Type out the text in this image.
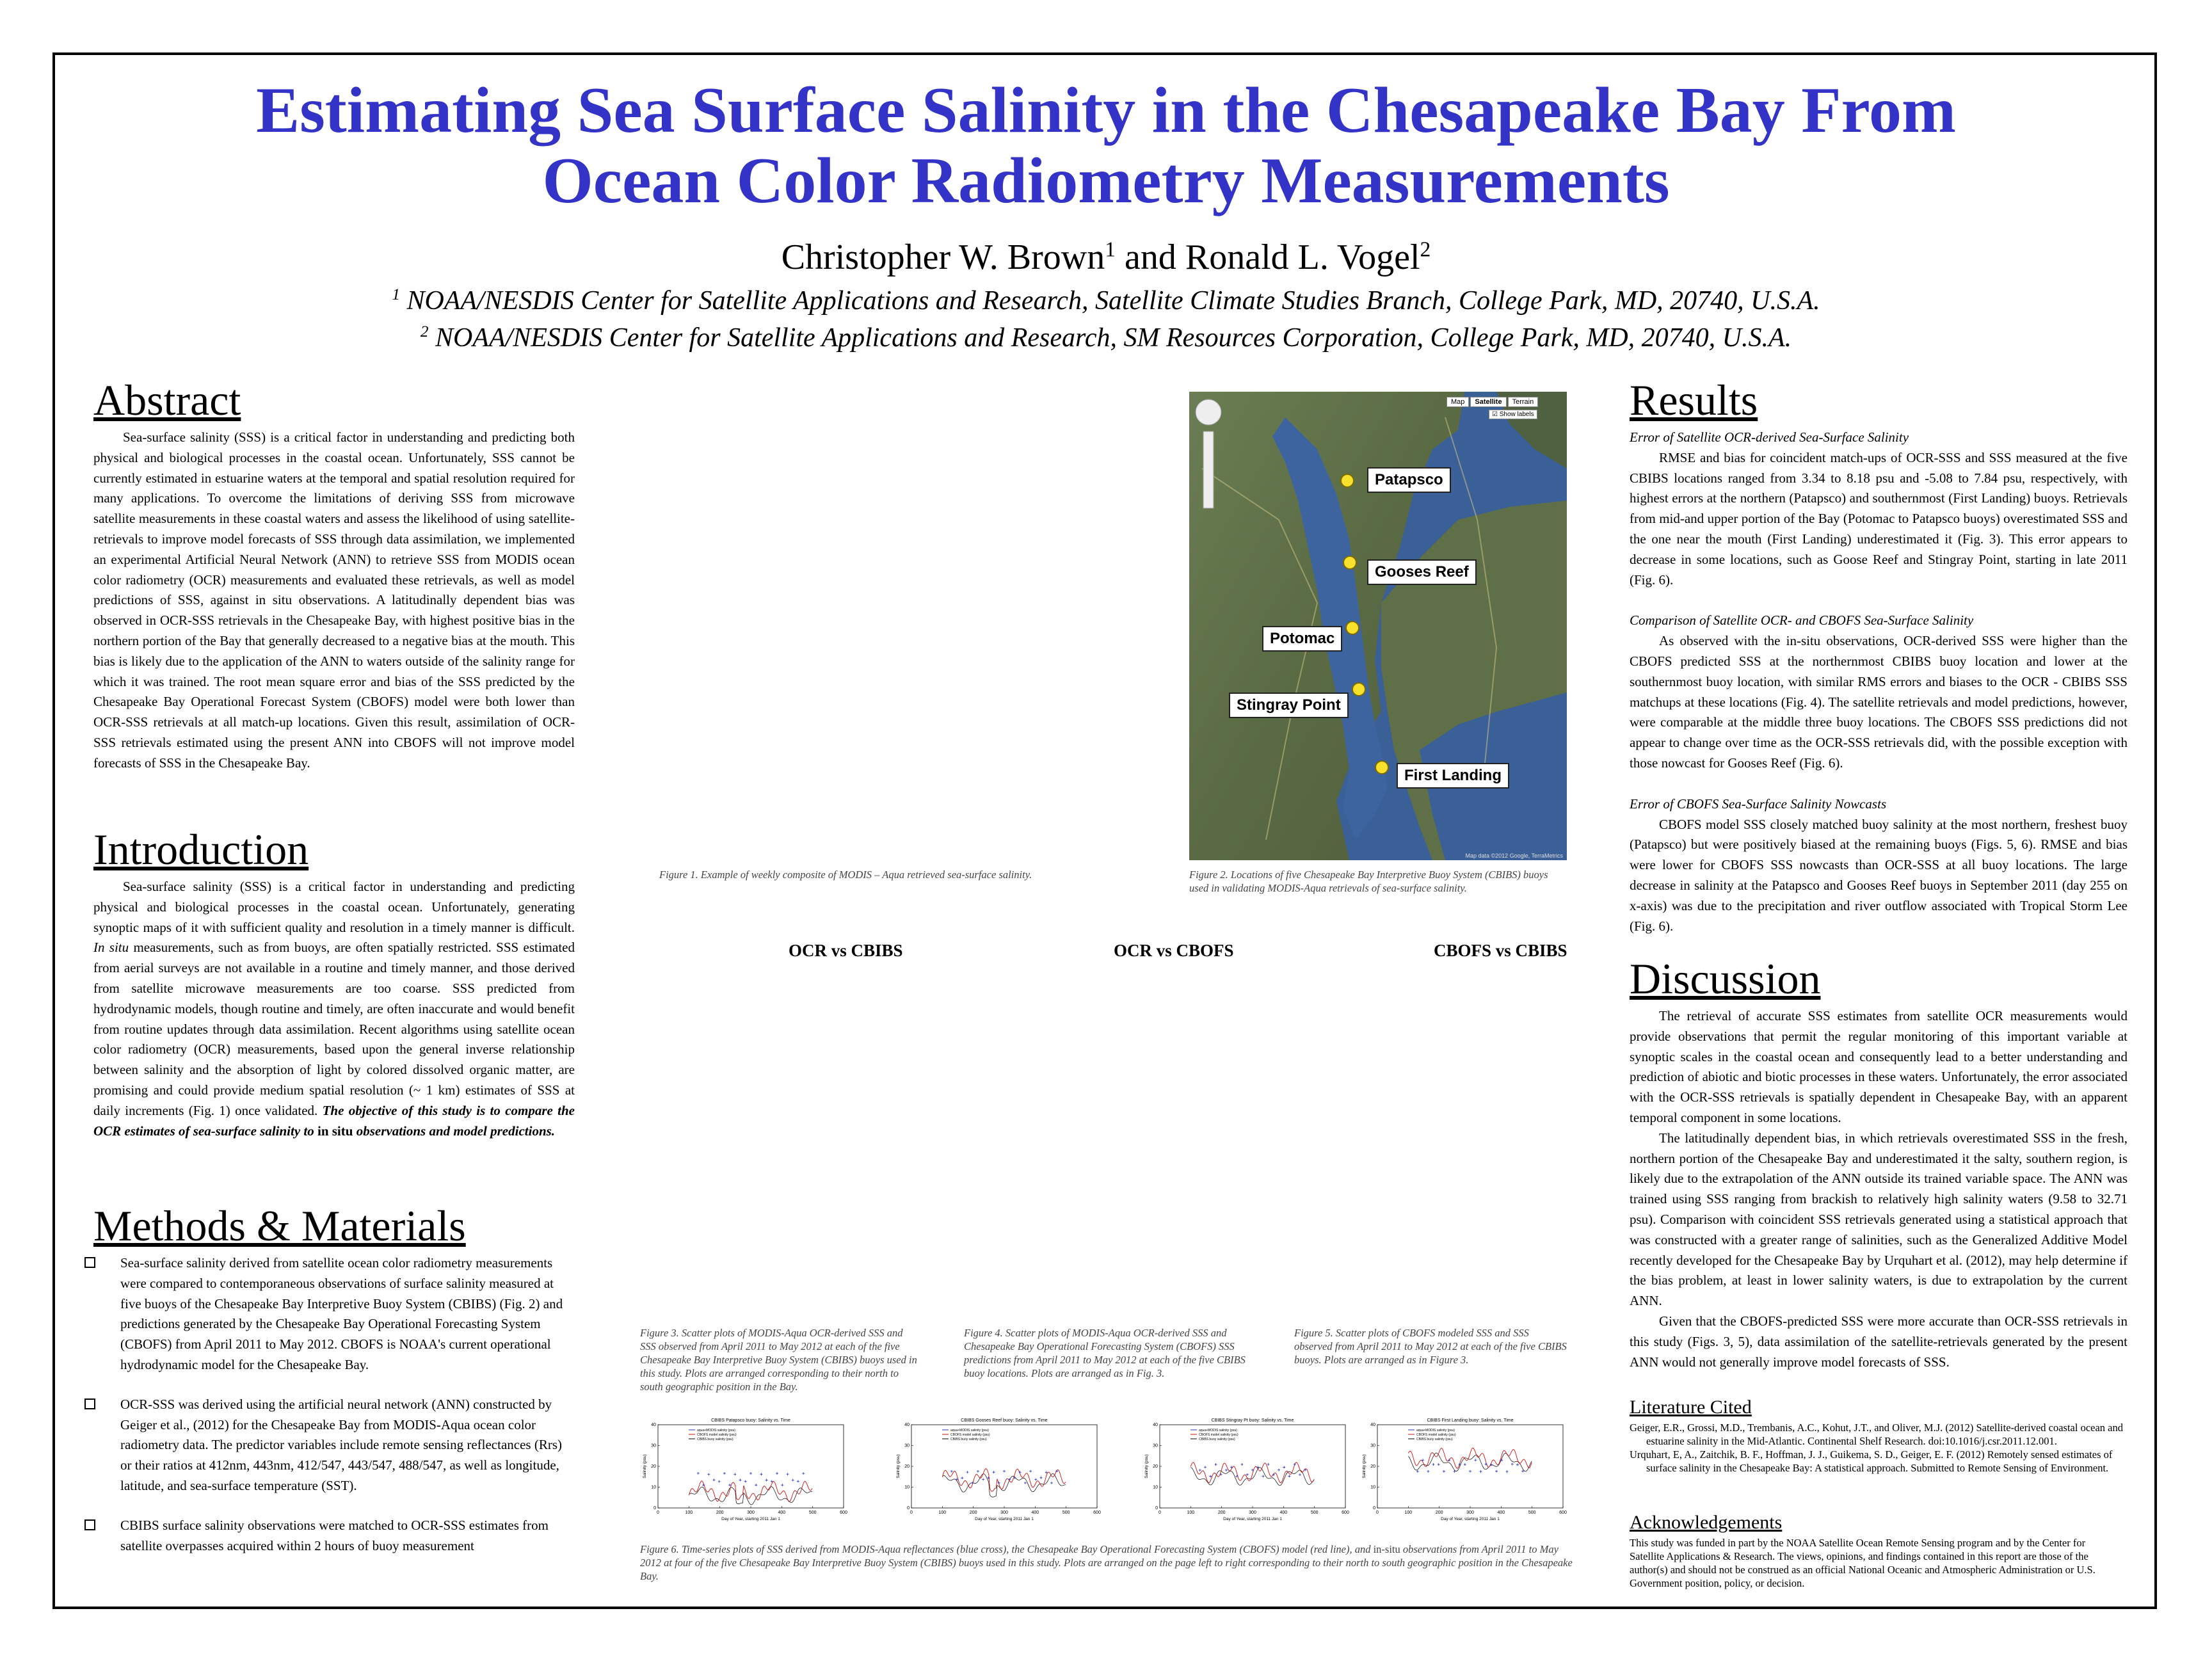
Estimating Sea Surface Salinity in the Chesapeake Bay From
Ocean Color Radiometry Measurements
Christopher W. Brown$^1$ and Ronald L. Vogel$^2$
$^1$ NOAA/NESDIS Center for Satellite Applications and Research, Satellite Climate Studies Branch, College Park, MD, 20740, U.S.A.
$^2$ NOAA/NESDIS Center for Satellite Applications and Research, SM Resources Corporation, College Park, MD, 20740, U.S.A.
Abstract

Sea-surface salinity (SSS) is a critical factor in understanding and predicting both physical and biological processes in the coastal ocean. Unfortunately, SSS cannot be currently estimated in estuarine waters at the temporal and spatial resolution required for many applications. To overcome the limitations of deriving SSS from microwave satellite measurements in these coastal waters and assess the likelihood of using satellite-retrievals to improve model forecasts of SSS through data assimilation, we implemented an experimental Artificial Neural Network (ANN) to retrieve SSS from MODIS ocean color radiometry (OCR) measurements and evaluated these retrievals, as well as model predictions of SSS, against in situ observations. A latitudinally dependent bias was observed in OCR-SSS retrievals in the Chesapeake Bay, with highest positive bias in the northern portion of the Bay that generally decreased to a negative bias at the mouth. This bias is likely due to the application of the ANN to waters outside of the salinity range for which it was trained. The root mean square error and bias of the SSS predicted by the Chesapeake Bay Operational Forecast System (CBOFS) model were both lower than OCR-SSS retrievals at all match-up locations. Given this result, assimilation of OCR-SSS retrievals estimated using the present ANN into CBOFS will not improve model forecasts of SSS in the Chesapeake Bay.

Introduction

Sea-surface salinity (SSS) is a critical factor in understanding and predicting physical and biological processes in the coastal ocean. Unfortunately, generating synoptic maps of it with sufficient quality and resolution in a timely manner is difficult. In situ measurements, such as from buoys, are often spatially restricted. SSS estimated from aerial surveys are not available in a routine and timely manner, and those derived from satellite microwave measurements are too coarse. SSS predicted from hydrodynamic models, though routine and timely, are often inaccurate and would benefit from routine updates through data assimilation. Recent algorithms using satellite ocean color radiometry (OCR) measurements, based upon the general inverse relationship between salinity and the absorption of light by colored dissolved organic matter, are promising and could provide medium spatial resolution (~ 1 km) estimates of SSS at daily increments (Fig. 1) once validated. The objective of this study is to compare the OCR estimates of sea-surface salinity to in situ observations and model predictions.

Methods & Materials
Sea-surface salinity derived from satellite ocean color radiometry measurements were compared to contemporaneous observations of surface salinity measured at five buoys of the Chesapeake Bay Interpretive Buoy System (CBIBS) (Fig. 2) and predictions generated by the Chesapeake Bay Operational Forecasting System (CBOFS) from April 2011 to May 2012. CBOFS is NOAA's current operational hydrodynamic model for the Chesapeake Bay.
OCR-SSS was derived using the artificial neural network (ANN) constructed by Geiger et al., (2012) for the Chesapeake Bay from MODIS-Aqua ocean color radiometry data. The predictor variables include remote sensing reflectances (Rrs) or their ratios at 412nm, 443nm, 412/547, 443/547, 488/547, as well as longitude, latitude, and sea-surface temperature (SST).
CBIBS surface salinity observations were matched to OCR-SSS estimates from satellite overpasses acquired within 2 hours of buoy measurement
Map	Satellite	Terrain
☑ Show labels
Patapsco
Gooses Reef
Potomac
Stingray Point
First Landing
Map data ©2012 Google, TerraMetrics
Figure 1. Example of weekly composite of MODIS – Aqua retrieved sea-surface salinity.	Figure 2. Locations of five Chesapeake Bay Interpretive Buoy System (CBIBS) buoys used in validating MODIS-Aqua retrievals of sea-surface salinity.
OCR vs CBIBS	OCR vs CBOFS	CBOFS vs CBIBS
Figure 3. Scatter plots of MODIS-Aqua OCR-derived SSS and SSS observed from April 2011 to May 2012 at each of the five Chesapeake Bay Interpretive Buoy System (CBIBS) buoys used in this study. Plots are arranged corresponding to their north to south geographic position in the Bay.
Figure 4. Scatter plots of MODIS-Aqua OCR-derived SSS and Chesapeake Bay Operational Forecasting System (CBOFS) SSS predictions from April 2011 to May 2012 at each of the five CBIBS buoy locations. Plots are arranged as in Fig. 3.
Figure 5. Scatter plots of CBOFS modeled SSS and SSS observed from April 2011 to May 2012 at each of the five CBIBS buoys. Plots are arranged as in Figure 3.
CBIBS Patapsco buoy: Salinity vs. Time
0	100	200	300	400	500	600
0
10
20
30
40
Day of Year, starting 2011 Jan 1
Salinity (psu)
aqua+MODIS salinity (psu)
CBOFS model salinity (psu)
CBIBS buoy salinity (psu)
CBIBS Gooses Reef buoy: Salinity vs. Time
0	100	200	300	400	500	600
0
10
20
30
40
Day of Year, starting 2011 Jan 1
Salinity (psu)
aqua+MODIS salinity (psu)
CBOFS model salinity (psu)
CBIBS buoy salinity (psu)
CBIBS Stingray Pt buoy: Salinity vs. Time
0	100	200	300	400	500	600
0
10
20
30
40
Day of Year, starting 2011 Jan 1
Salinity (psu)
aqua+MODIS salinity (psu)
CBOFS model salinity (psu)
CBIBS buoy salinity (psu)
CBIBS First Landing buoy: Salinity vs. Time
0	100	200	300	400	500	600
0
10
20
30
40
Day of Year, starting 2011 Jan 1
Salinity (psu)
aqua+MODIS salinity (psu)
CBOFS model salinity (psu)
CBIBS buoy salinity (psu)
Figure 6. Time-series plots of SSS derived from MODIS-Aqua reflectances (blue cross), the Chesapeake Bay Operational Forecasting System (CBOFS) model (red line), and in-situ observations from April 2011 to May 2012 at four of the five Chesapeake Bay Interpretive Buoy System (CBIBS) buoys used in this study. Plots are arranged on the page left to right corresponding to their north to south geographic position in the Chesapeake Bay.
Results

Error of Satellite OCR-derived Sea-Surface Salinity

RMSE and bias for coincident match-ups of OCR-SSS and SSS measured at the five CBIBS locations ranged from 3.34 to 8.18 psu and -5.08 to 7.84 psu, respectively, with highest errors at the northern (Patapsco) and southernmost (First Landing) buoys. Retrievals from mid-and upper portion of the Bay (Potomac to Patapsco buoys) overestimated SSS and the one near the mouth (First Landing) underestimated it (Fig. 3). This error appears to decrease in some locations, such as Goose Reef and Stingray Point, starting in late 2011 (Fig. 6).

Comparison of Satellite OCR- and CBOFS Sea-Surface Salinity

As observed with the in-situ observations, OCR-derived SSS were higher than the CBOFS predicted SSS at the northernmost CBIBS buoy location and lower at the southernmost buoy location, with similar RMS errors and biases to the OCR - CBIBS SSS matchups at these locations (Fig. 4). The satellite retrievals and model predictions, however, were comparable at the middle three buoy locations. The CBOFS SSS predictions did not appear to change over time as the OCR-SSS retrievals did, with the possible exception with those nowcast for Gooses Reef (Fig. 6).

Error of CBOFS Sea-Surface Salinity Nowcasts

CBOFS model SSS closely matched buoy salinity at the most northern, freshest buoy (Patapsco) but were positively biased at the remaining buoys (Figs. 5, 6). RMSE and bias were lower for CBOFS SSS nowcasts than OCR-SSS at all buoy locations. The large decrease in salinity at the Patapsco and Gooses Reef buoys in September 2011 (day 255 on x-axis) was due to the precipitation and river outflow associated with Tropical Storm Lee (Fig. 6).

Discussion

The retrieval of accurate SSS estimates from satellite OCR measurements would provide observations that permit the regular monitoring of this important variable at synoptic scales in the coastal ocean and consequently lead to a better understanding and prediction of abiotic and biotic processes in these waters. Unfortunately, the error associated with the OCR-SSS retrievals is spatially dependent in Chesapeake Bay, with an apparent temporal component in some locations.

The latitudinally dependent bias, in which retrievals overestimated SSS in the fresh, northern portion of the Chesapeake Bay and underestimated it the salty, southern region, is likely due to the extrapolation of the ANN outside its trained variable space. The ANN was trained using SSS ranging from brackish to relatively high salinity waters (9.58 to 32.71 psu). Comparison with coincident SSS retrievals generated using a statistical approach that was constructed with a greater range of salinities, such as the Generalized Additive Model recently developed for the Chesapeake Bay by Urquhart et al. (2012), may help determine if the bias problem, at least in lower salinity waters, is due to extrapolation by the current ANN.

Given that the CBOFS-predicted SSS were more accurate than OCR-SSS retrievals in this study (Figs. 3, 5), data assimilation of the satellite-retrievals generated by the present ANN would not generally improve model forecasts of SSS.

Literature Cited

Geiger, E.R., Grossi, M.D., Trembanis, A.C., Kohut, J.T., and Oliver, M.J. (2012) Satellite-derived coastal ocean and estuarine salinity in the Mid-Atlantic. Continental Shelf Research. doi:10.1016/j.csr.2011.12.001.

Urquhart, E, A., Zaitchik, B. F., Hoffman, J. J., Guikema, S. D., Geiger, E. F. (2012) Remotely sensed estimates of surface salinity in the Chesapeake Bay: A statistical approach. Submitted to Remote Sensing of Environment.

Acknowledgements
This study was funded in part by the NOAA Satellite Ocean Remote Sensing program and by the Center for Satellite Applications & Research. The views, opinions, and findings contained in this report are those of the author(s) and should not be construed as an official National Oceanic and Atmospheric Administration or U.S. Government position, policy, or decision.
